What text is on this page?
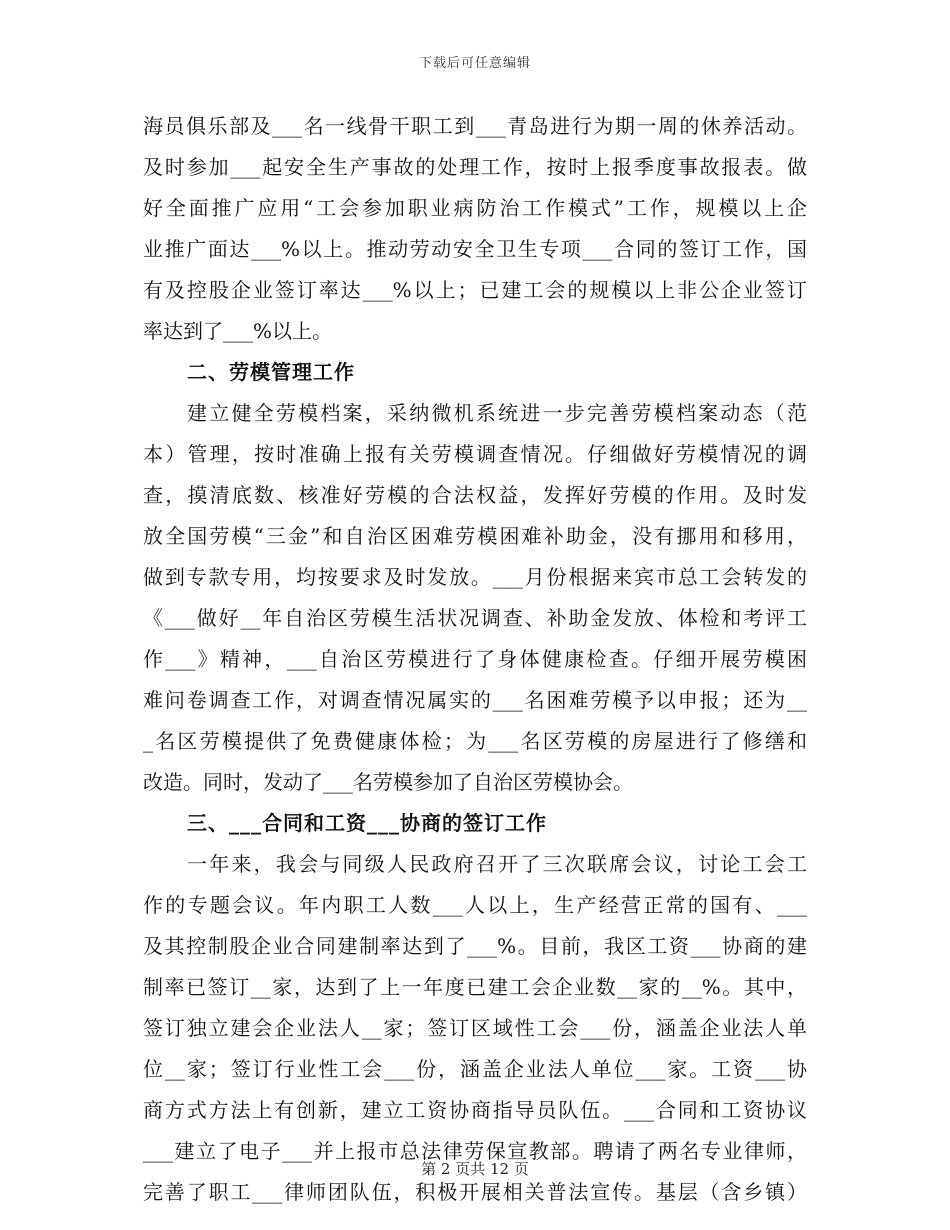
下载后可任意编辑
海员俱乐部及___名一线骨干职工到___青岛进行为期一周的休养活动。
及时参加___起安全生产事故的处理工作，按时上报季度事故报表。做
好全面推广应用“工会参加职业病防治工作模式”工作，规模以上企
业推广面达___%以上。推动劳动安全卫生专项___合同的签订工作，国
有及控股企业签订率达___%以上；已建工会的规模以上非公企业签订
率达到了___%以上。
二、劳模管理工作
建立健全劳模档案，采纳微机系统进一步完善劳模档案动态（范
本）管理，按时准确上报有关劳模调查情况。仔细做好劳模情况的调
查，摸清底数、核准好劳模的合法权益，发挥好劳模的作用。及时发
放全国劳模“三金”和自治区困难劳模困难补助金，没有挪用和移用，
做到专款专用，均按要求及时发放。___月份根据来宾市总工会转发的
《___做好__年自治区劳模生活状况调查、补助金发放、体检和考评工
作___》精神，___自治区劳模进行了身体健康检查。仔细开展劳模困
难问卷调查工作，对调查情况属实的___名困难劳模予以申报；还为__
_名区劳模提供了免费健康体检；为___名区劳模的房屋进行了修缮和
改造。同时，发动了___名劳模参加了自治区劳模协会。
三、___合同和工资___协商的签订工作
一年来，我会与同级人民政府召开了三次联席会议，讨论工会工
作的专题会议。年内职工人数___人以上，生产经营正常的国有、___
及其控制股企业合同建制率达到了___%。目前，我区工资___协商的建
制率已签订__家，达到了上一年度已建工会企业数__家的__%。其中，
签订独立建会企业法人__家；签订区域性工会___份，涵盖企业法人单
位__家；签订行业性工会___份，涵盖企业法人单位___家。工资___协
商方式方法上有创新，建立工资协商指导员队伍。___合同和工资协议
___建立了电子___并上报市总法律劳保宣教部。聘请了两名专业律师，
完善了职工___律师团队伍，积极开展相关普法宣传。基层（含乡镇）
第 2 页共 12 页
